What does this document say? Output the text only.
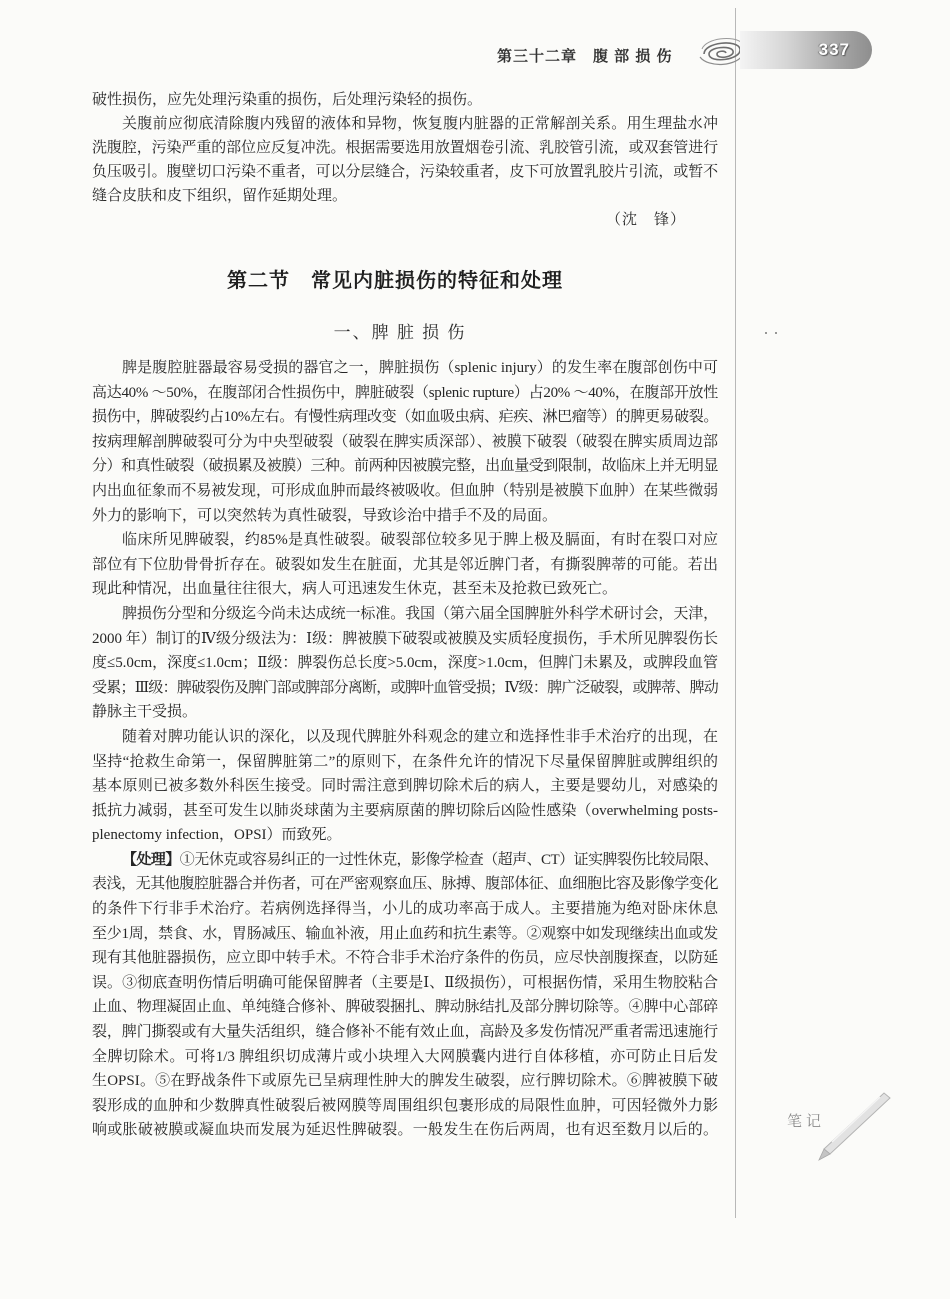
第三十二章 腹 部 损 伤	337
破性损伤，应先处理污染重的损伤，后处理污染轻的损伤。
关腹前应彻底清除腹内残留的液体和异物，恢复腹内脏器的正常解剖关系。用生理盐水冲
洗腹腔，污染严重的部位应反复冲洗。根据需要选用放置烟卷引流、乳胶管引流，或双套管进行
负压吸引。腹壁切口污染不重者，可以分层缝合，污染较重者，皮下可放置乳胶片引流，或暂不
缝合皮肤和皮下组织，留作延期处理。
（沈　锋）
第二节　常见内脏损伤的特征和处理
一、脾 脏 损 伤
脾是腹腔脏器最容易受损的器官之一，脾脏损伤（splenic injury）的发生率在腹部创伤中可
高达40% ～50%，在腹部闭合性损伤中，脾脏破裂（splenic rupture）占20% ～40%，在腹部开放性
损伤中，脾破裂约占10%左右。有慢性病理改变（如血吸虫病、疟疾、淋巴瘤等）的脾更易破裂。
按病理解剖脾破裂可分为中央型破裂（破裂在脾实质深部）、被膜下破裂（破裂在脾实质周边部
分）和真性破裂（破损累及被膜）三种。前两种因被膜完整，出血量受到限制，故临床上并无明显
内出血征象而不易被发现，可形成血肿而最终被吸收。但血肿（特别是被膜下血肿）在某些微弱
外力的影响下，可以突然转为真性破裂，导致诊治中措手不及的局面。
临床所见脾破裂，约85%是真性破裂。破裂部位较多见于脾上极及膈面，有时在裂口对应
部位有下位肋骨骨折存在。破裂如发生在脏面，尤其是邻近脾门者，有撕裂脾蒂的可能。若出
现此种情况，出血量往往很大，病人可迅速发生休克，甚至未及抢救已致死亡。
脾损伤分型和分级迄今尚未达成统一标准。我国（第六届全国脾脏外科学术研讨会，天津，
2000 年）制订的Ⅳ级分级法为：Ⅰ级：脾被膜下破裂或被膜及实质轻度损伤，手术所见脾裂伤长
度≤5.0cm，深度≤1.0cm；Ⅱ级：脾裂伤总长度>5.0cm，深度>1.0cm，但脾门未累及，或脾段血管
受累；Ⅲ级：脾破裂伤及脾门部或脾部分离断，或脾叶血管受损；Ⅳ级：脾广泛破裂，或脾蒂、脾动
静脉主干受损。
随着对脾功能认识的深化，以及现代脾脏外科观念的建立和选择性非手术治疗的出现，在
坚持“抢救生命第一，保留脾脏第二”的原则下，在条件允许的情况下尽量保留脾脏或脾组织的
基本原则已被多数外科医生接受。同时需注意到脾切除术后的病人，主要是婴幼儿，对感染的
抵抗力减弱，甚至可发生以肺炎球菌为主要病原菌的脾切除后凶险性感染（overwhelming posts-
plenectomy infection，OPSI）而致死。
【处理】①无休克或容易纠正的一过性休克，影像学检查（超声、CT）证实脾裂伤比较局限、
表浅，无其他腹腔脏器合并伤者，可在严密观察血压、脉搏、腹部体征、血细胞比容及影像学变化
的条件下行非手术治疗。若病例选择得当，小儿的成功率高于成人。主要措施为绝对卧床休息
至少1周，禁食、水，胃肠减压、输血补液，用止血药和抗生素等。②观察中如发现继续出血或发
现有其他脏器损伤，应立即中转手术。不符合非手术治疗条件的伤员，应尽快剖腹探查，以防延
误。③彻底查明伤情后明确可能保留脾者（主要是Ⅰ、Ⅱ级损伤），可根据伤情，采用生物胶粘合
止血、物理凝固止血、单纯缝合修补、脾破裂捆扎、脾动脉结扎及部分脾切除等。④脾中心部碎
裂，脾门撕裂或有大量失活组织，缝合修补不能有效止血，高龄及多发伤情况严重者需迅速施行
全脾切除术。可将1/3 脾组织切成薄片或小块埋入大网膜囊内进行自体移植，亦可防止日后发
生OPSI。⑤在野战条件下或原先已呈病理性肿大的脾发生破裂，应行脾切除术。⑥脾被膜下破
裂形成的血肿和少数脾真性破裂后被网膜等周围组织包裹形成的局限性血肿，可因轻微外力影
响或胀破被膜或凝血块而发展为延迟性脾破裂。一般发生在伤后两周，也有迟至数月以后的。
笔记
